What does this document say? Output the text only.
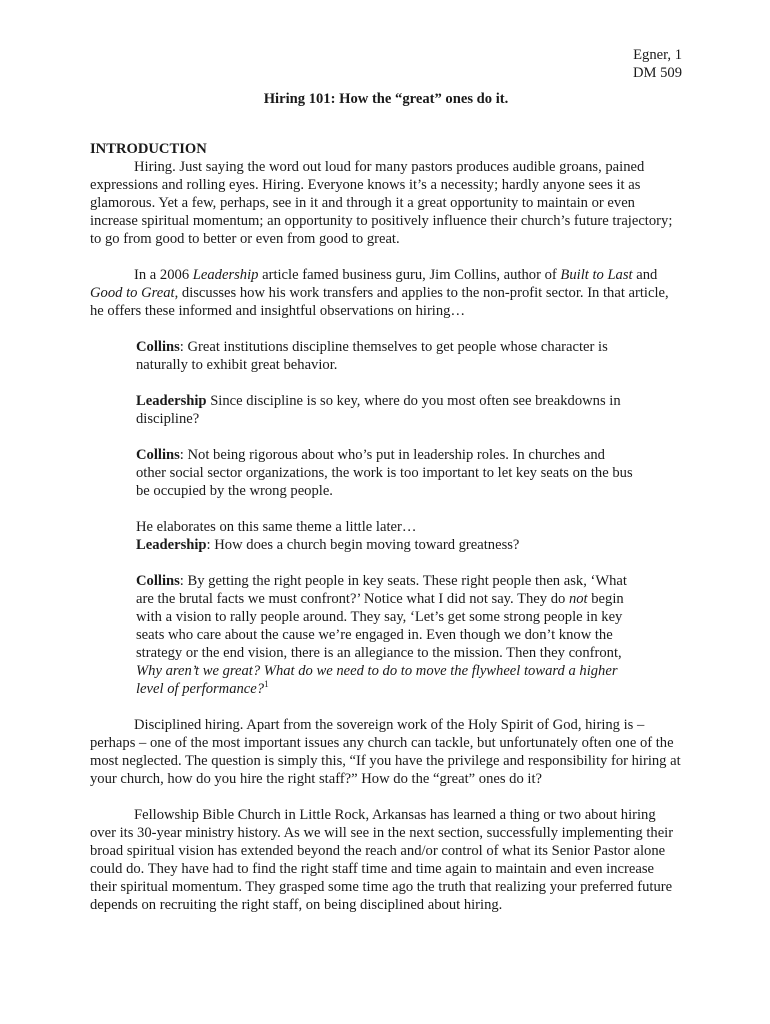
Egner, 1
DM 509
Hiring 101: How the “great” ones do it.
INTRODUCTION

Hiring. Just saying the word out loud for many pastors produces audible groans, pained expressions and rolling eyes. Hiring. Everyone knows it’s a necessity; hardly anyone sees it as glamorous. Yet a few, perhaps, see in it and through it a great opportunity to maintain or even increase spiritual momentum; an opportunity to positively influence their church’s future trajectory; to go from good to better or even from good to great.

In a 2006 Leadership article famed business guru, Jim Collins, author of Built to Last and Good to Great, discusses how his work transfers and applies to the non-profit sector. In that article, he offers these informed and insightful observations on hiring…

Collins: Great institutions discipline themselves to get people whose character is naturally to exhibit great behavior.

Leadership Since discipline is so key, where do you most often see breakdowns in discipline?

Collins: Not being rigorous about who’s put in leadership roles. In churches and other social sector organizations, the work is too important to let key seats on the bus be occupied by the wrong people.

He elaborates on this same theme a little later…

Leadership: How does a church begin moving toward greatness?

Collins: By getting the right people in key seats. These right people then ask, ‘What are the brutal facts we must confront?’ Notice what I did not say. They do not begin with a vision to rally people around. They say, ‘Let’s get some strong people in key seats who care about the cause we’re engaged in. Even though we don’t know the strategy or the end vision, there is an allegiance to the mission. Then they confront, Why aren’t we great? What do we need to do to move the flywheel toward a higher level of performance?$^1$

Disciplined hiring. Apart from the sovereign work of the Holy Spirit of God, hiring is – perhaps – one of the most important issues any church can tackle, but unfortunately often one of the most neglected. The question is simply this, “If you have the privilege and responsibility for hiring at your church, how do you hire the right staff?” How do the “great” ones do it?

Fellowship Bible Church in Little Rock, Arkansas has learned a thing or two about hiring over its 30-year ministry history. As we will see in the next section, successfully implementing their broad spiritual vision has extended beyond the reach and/or control of what its Senior Pastor alone could do. They have had to find the right staff time and time again to maintain and even increase their spiritual momentum. They grasped some time ago the truth that realizing your preferred future depends on recruiting the right staff, on being disciplined about hiring.
